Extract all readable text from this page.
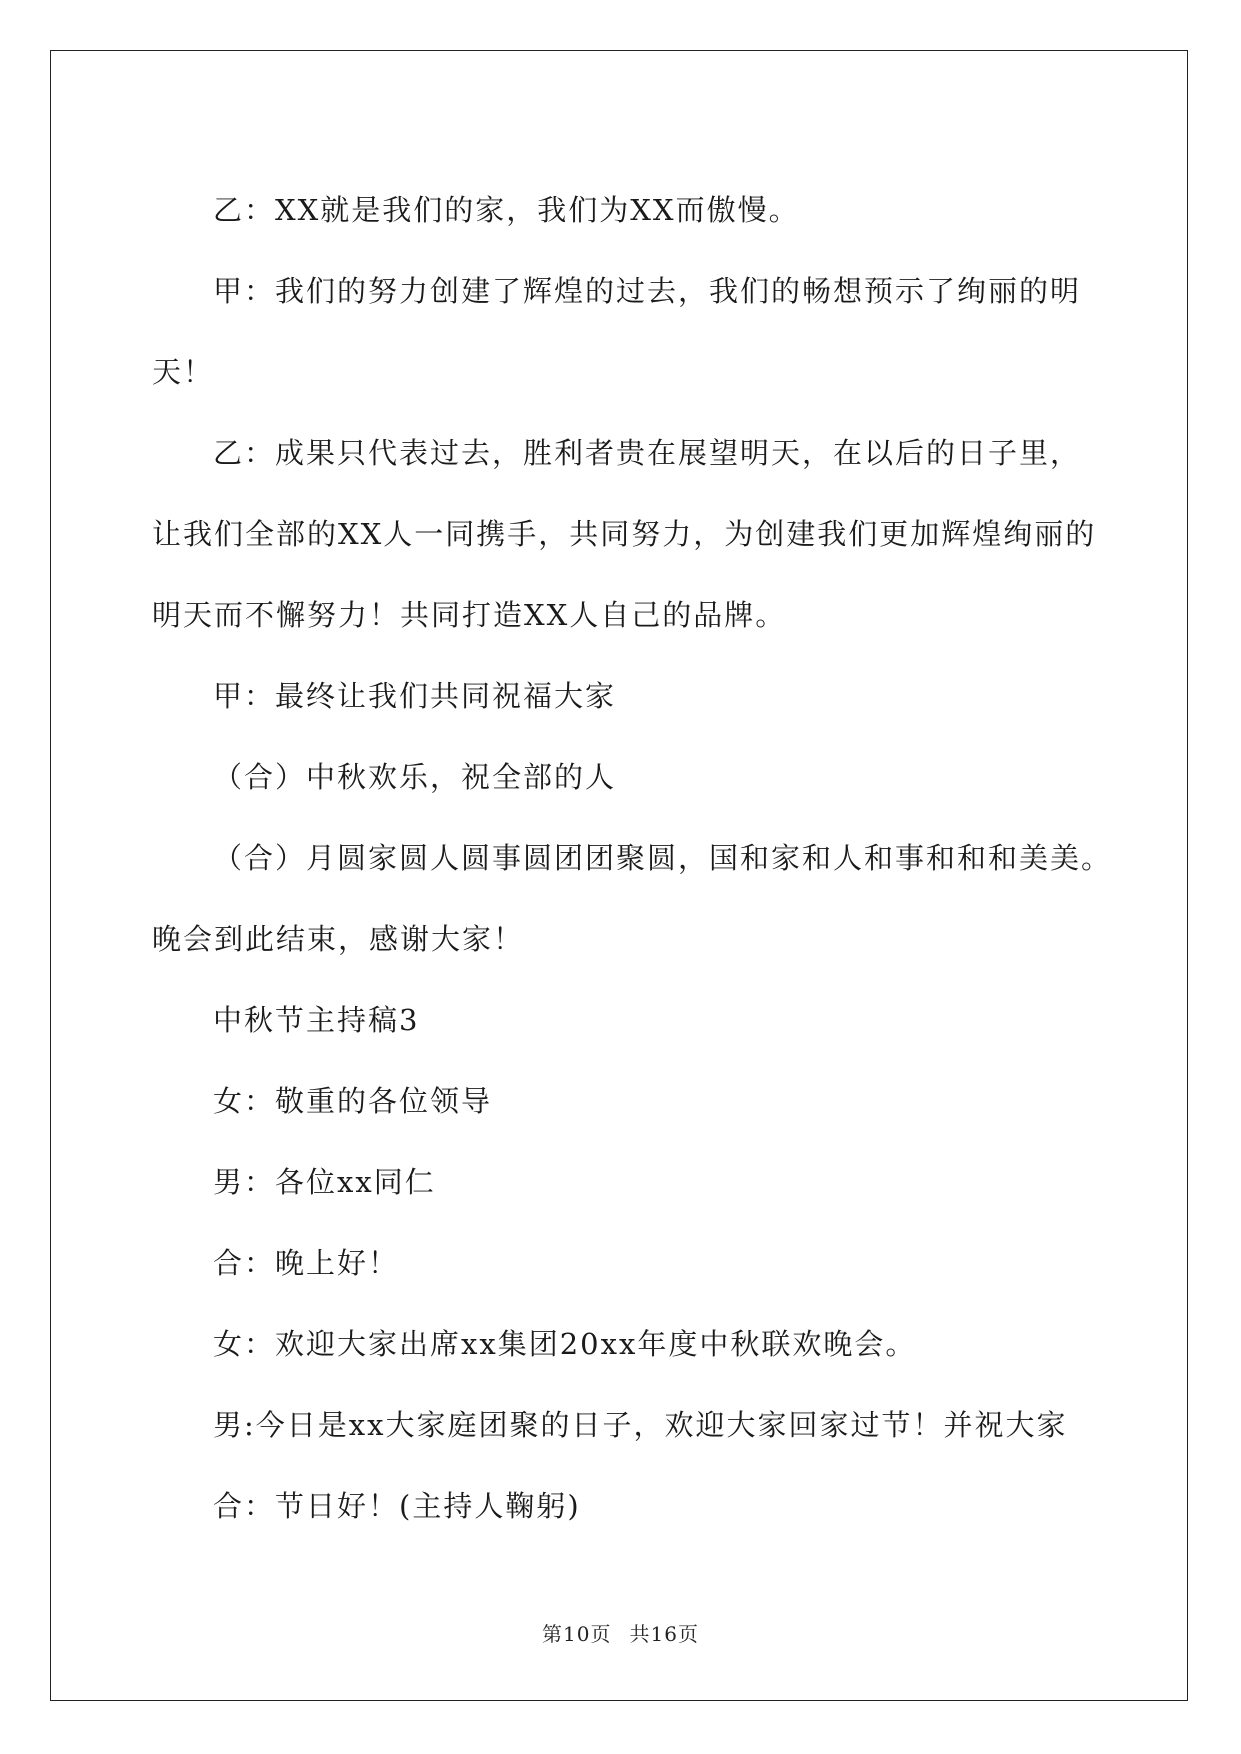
乙：XX就是我们的家，我们为XX而傲慢。
甲：我们的努力创建了辉煌的过去，我们的畅想预示了绚丽的明
天！
乙：成果只代表过去，胜利者贵在展望明天，在以后的日子里，
让我们全部的XX人一同携手，共同努力，为创建我们更加辉煌绚丽的
明天而不懈努力！共同打造XX人自己的品牌。
甲：最终让我们共同祝福大家
（合）中秋欢乐，祝全部的人
（合）月圆家圆人圆事圆团团聚圆，国和家和人和事和和和美美。
晚会到此结束，感谢大家！
中秋节主持稿3
女：敬重的各位领导
男：各位xx同仁
合：晚上好！
女：欢迎大家出席xx集团20xx年度中秋联欢晚会。
男:今日是xx大家庭团聚的日子，欢迎大家回家过节！并祝大家
合：节日好！(主持人鞠躬)
第10页 共16页
